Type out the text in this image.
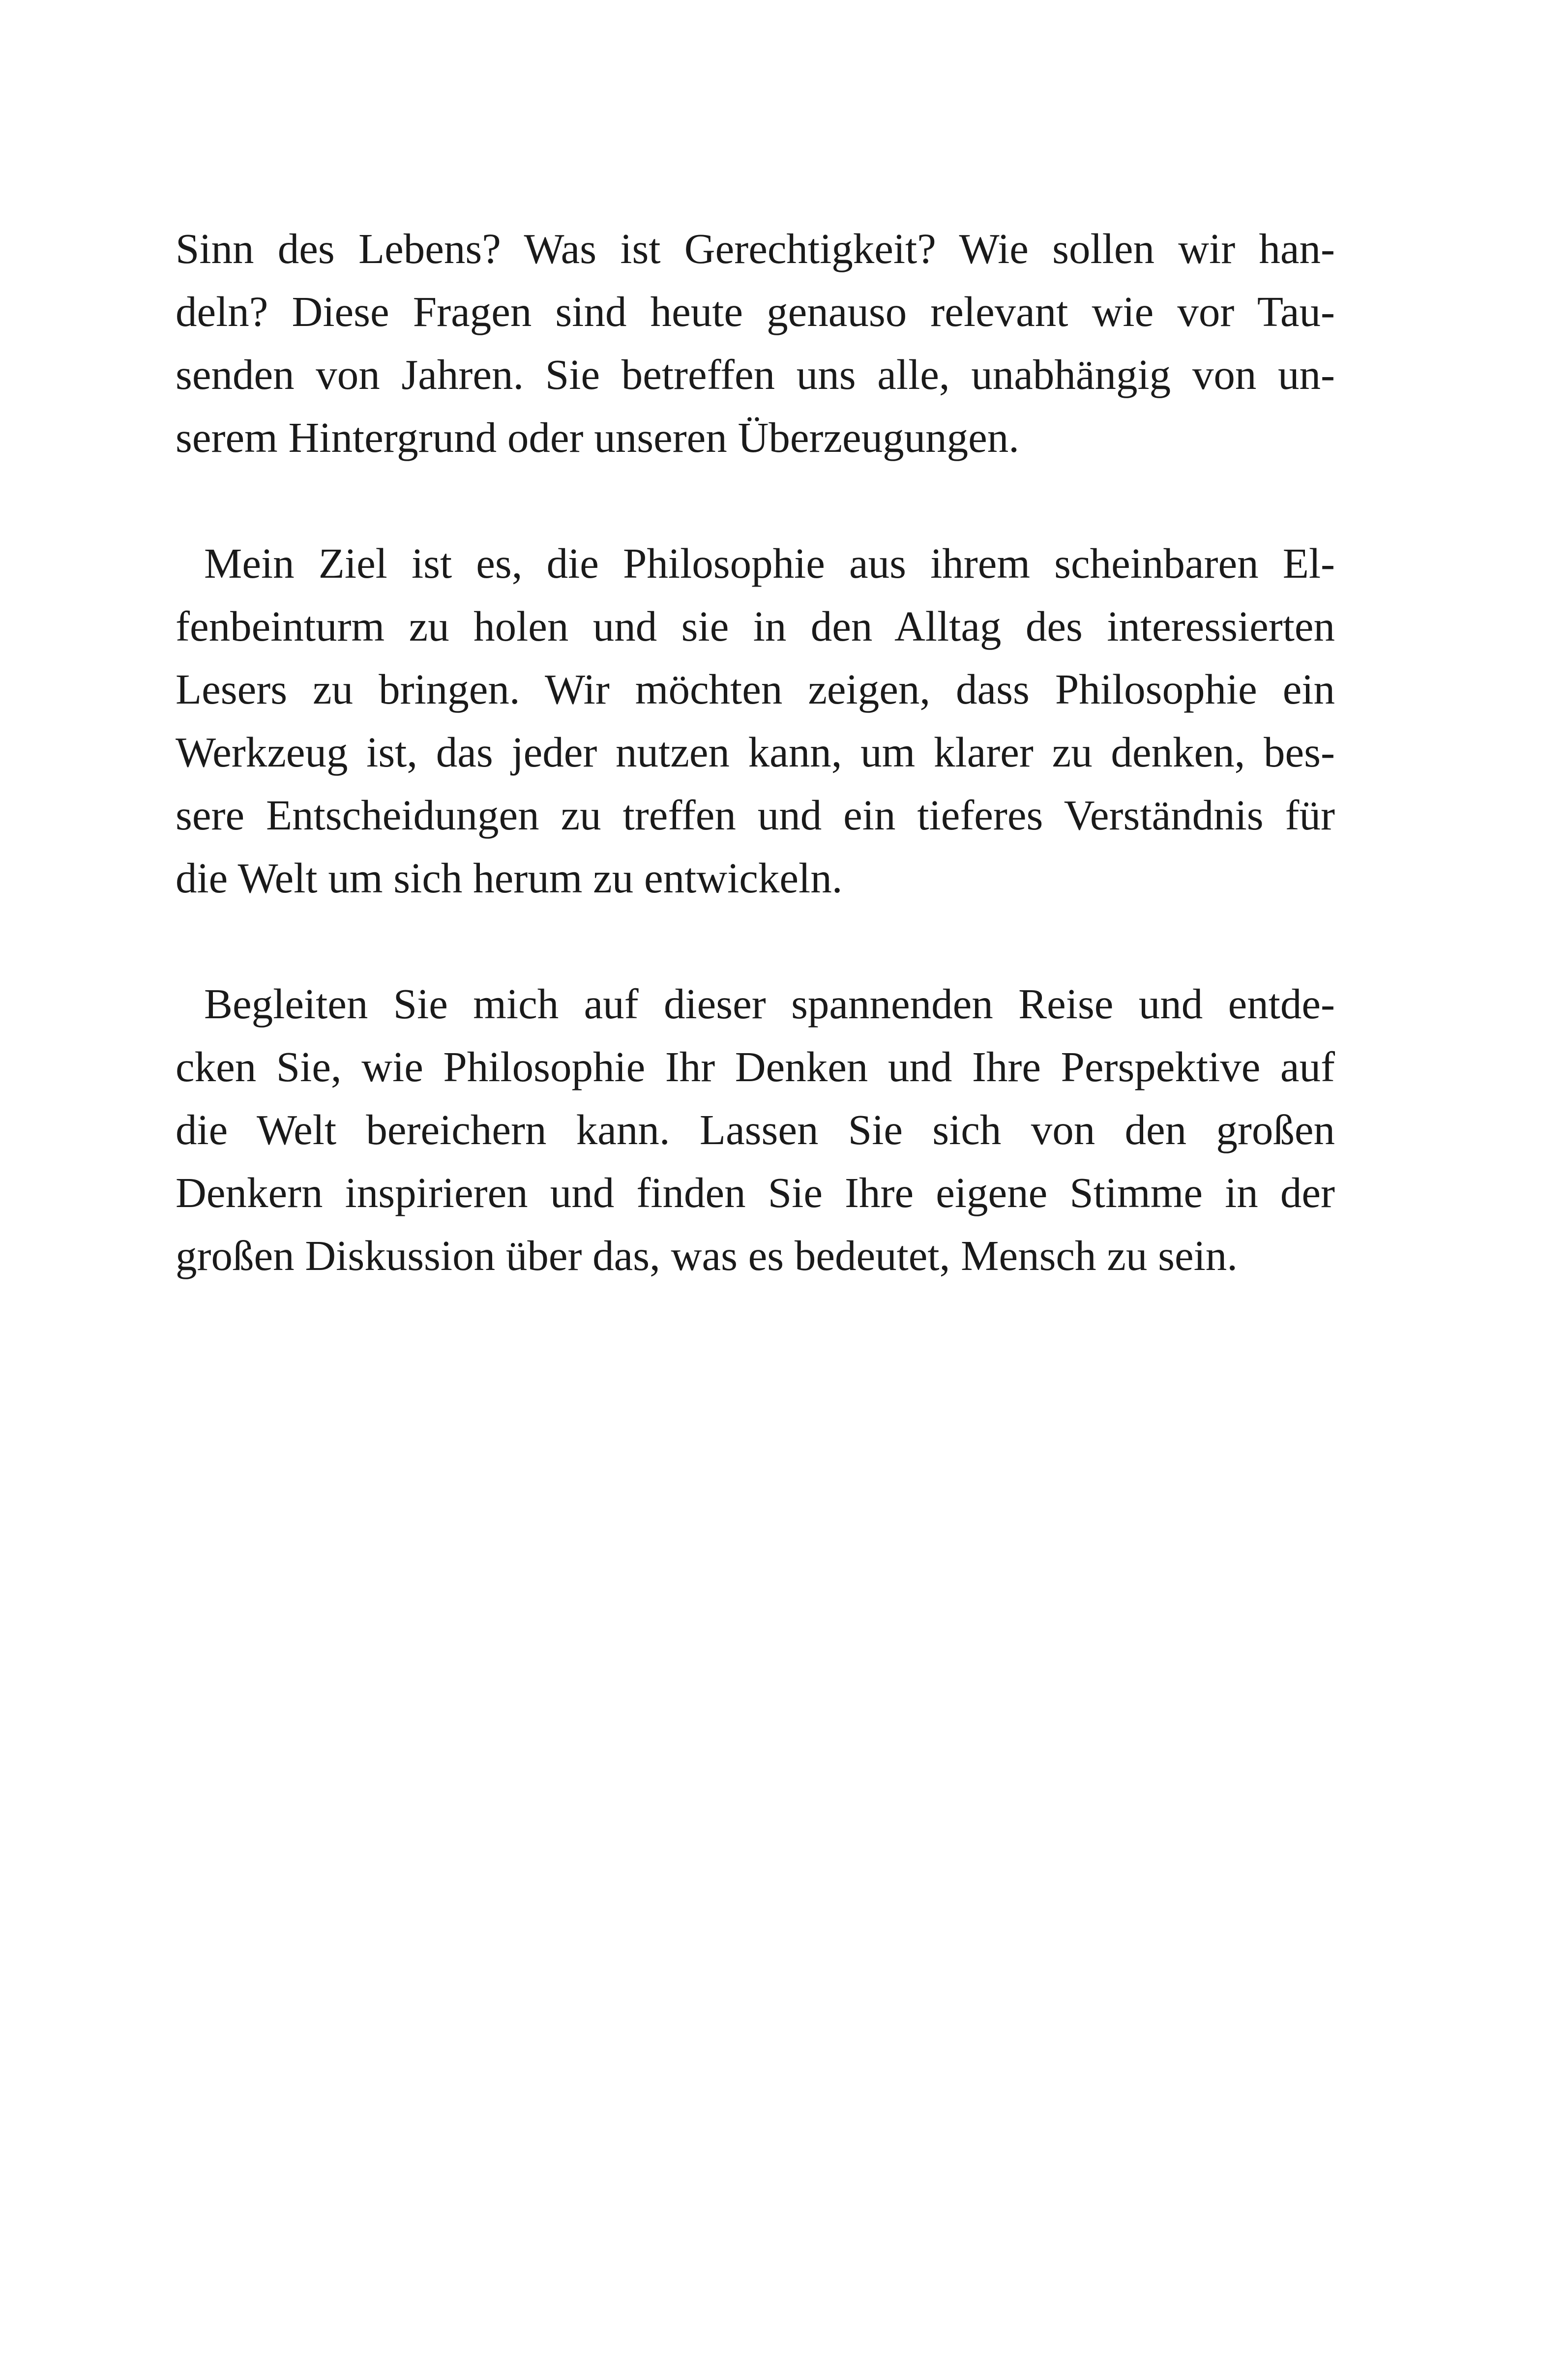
Sinn des Lebens? Was ist Gerechtigkeit? Wie sollen wir han-
deln? Diese Fragen sind heute genauso relevant wie vor Tau-
senden von Jahren. Sie betreffen uns alle, unabhängig von un-
serem Hintergrund oder unseren Überzeugungen.
Mein Ziel ist es, die Philosophie aus ihrem scheinbaren El-
fenbeinturm zu holen und sie in den Alltag des interessierten
Lesers zu bringen. Wir möchten zeigen, dass Philosophie ein
Werkzeug ist, das jeder nutzen kann, um klarer zu denken, bes-
sere Entscheidungen zu treffen und ein tieferes Verständnis für
die Welt um sich herum zu entwickeln.
Begleiten Sie mich auf dieser spannenden Reise und entde-
cken Sie, wie Philosophie Ihr Denken und Ihre Perspektive auf
die Welt bereichern kann. Lassen Sie sich von den großen
Denkern inspirieren und finden Sie Ihre eigene Stimme in der
großen Diskussion über das, was es bedeutet, Mensch zu sein.
